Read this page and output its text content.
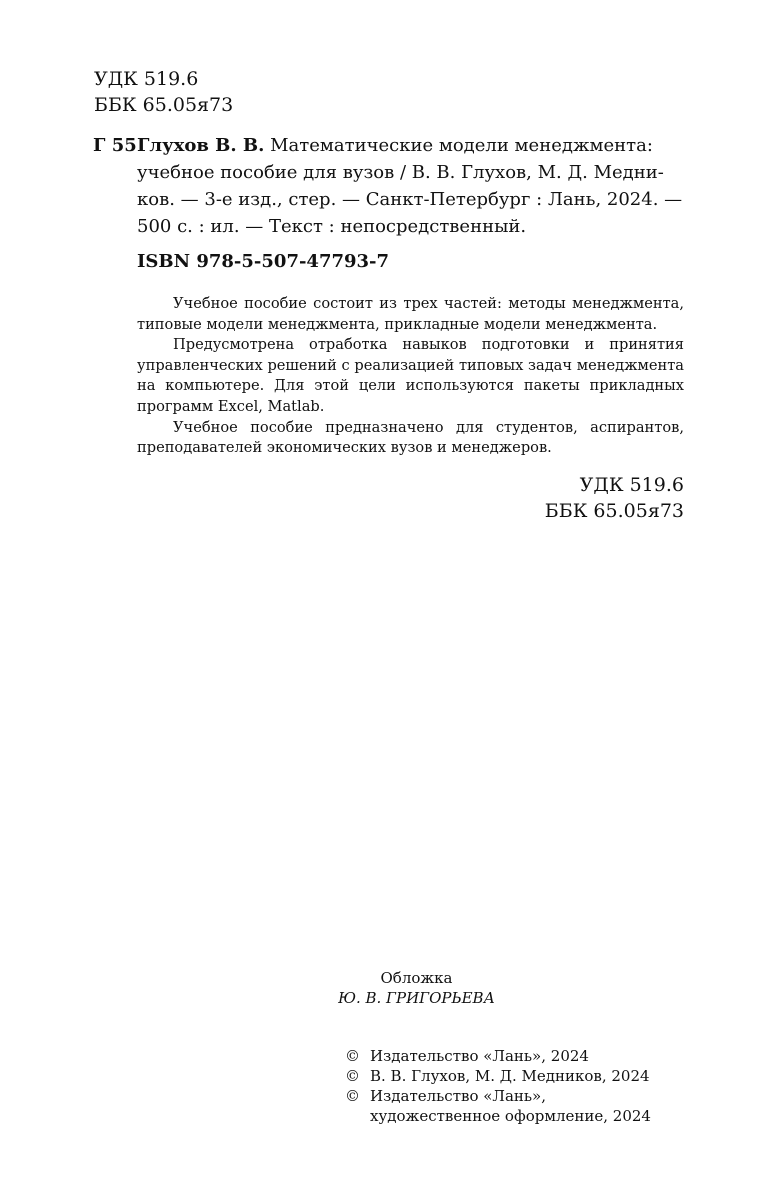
УДК 519.6
ББК 65.05я73
Г 55 Глухов В. В. Математические модели менеджмента:
учебное пособие для вузов / В. В. Глухов, М. Д. Медни-
ков. — 3-е изд., стер. — Санкт-Петербург : Лань, 2024. —
500 с. : ил. — Текст : непосредственный.
ISBN 978-5-507-47793-7

Учебное пособие состоит из трех частей: методы менеджмента, типовые модели менеджмента, прикладные модели менеджмента.

Предусмотрена отработка навыков подготовки и принятия управленческих решений с реализацией типовых задач менеджмента на компьютере. Для этой цели используются пакеты прикладных программ Excel, Matlab.

Учебное пособие предназначено для студентов, аспирантов, преподавателей экономических вузов и менеджеров.

УДК 519.6
ББК 65.05я73
Обложка
Ю. В. ГРИГОРЬЕВА
© Издательство «Лань», 2024
© В. В. Глухов, М. Д. Медников, 2024
© Издательство «Лань»,
художественное оформление, 2024
